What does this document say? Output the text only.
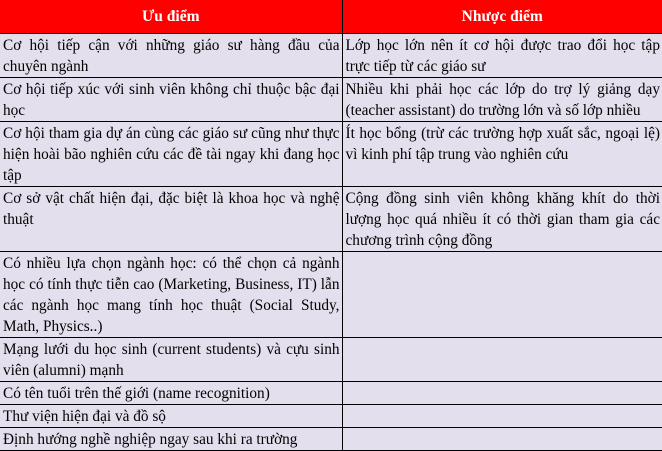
Ưu điểm	Nhược điểm
Cơ hội tiếp cận với những giáo sư hàng đầu của chuyên ngành	Lớp học lớn nên ít cơ hội được trao đổi học tập trực tiếp từ các giáo sư
Cơ hội tiếp xúc với sinh viên không chỉ thuộc bậc đại học	Nhiều khi phải học các lớp do trợ lý giảng dạy (teacher assistant) do trường lớn và số lớp nhiều
Cơ hội tham gia dự án cùng các giáo sư cũng như thực hiện hoài bão nghiên cứu các đề tài ngay khi đang học tập	Ít học bổng (trừ các trường hợp xuất sắc, ngoại lệ) vì kinh phí tập trung vào nghiên cứu
Cơ sở vật chất hiện đại, đặc biệt là khoa học và nghệ thuật	Cộng đồng sinh viên không khăng khít do thời lượng học quá nhiều ít có thời gian tham gia các chương trình cộng đồng
Có nhiều lựa chọn ngành học: có thể chọn cả ngành học có tính thực tiễn cao (Marketing, Business, IT) lẫn các ngành học mang tính học thuật (Social Study, Math, Physics..)	
Mạng lưới du học sinh (current students) và cựu sinh viên (alumni) mạnh	
Có tên tuổi trên thế giới (name recognition)	
Thư viện hiện đại và đồ sộ	
Định hướng nghề nghiệp ngay sau khi ra trường	
